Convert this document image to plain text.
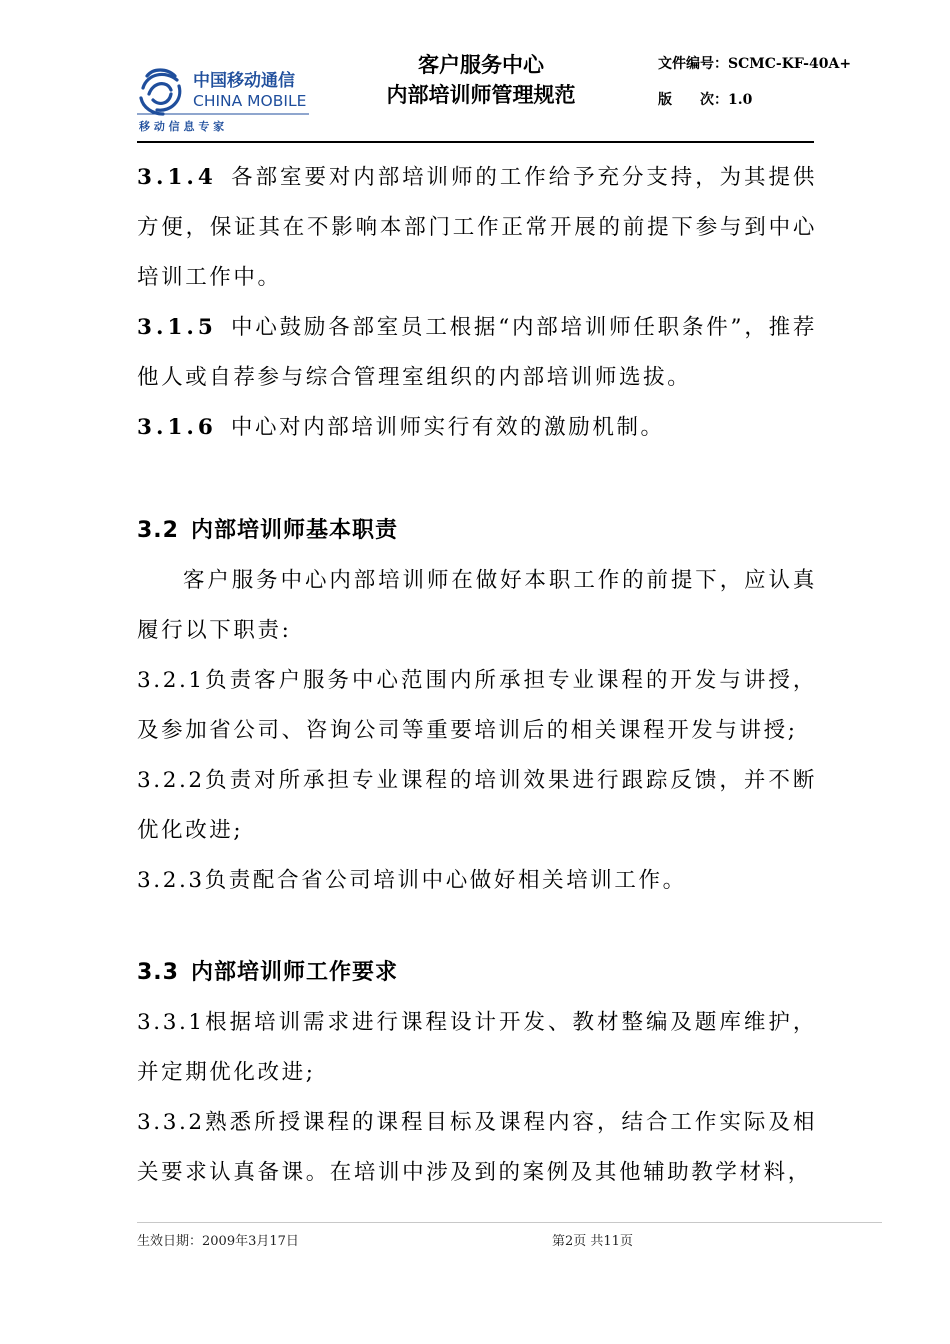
中国移动通信
CHINA MOBILE
移 动 信 息 专 家
客户服务中心
内部培训师管理规范
文件编号：SCMC-KF-40A+
版 次：1.0

3.1.4 各部室要对内部培训师的工作给予充分支持，为其提供方便，保证其在不影响本部门工作正常开展的前提下参与到中心培训工作中。

3.1.5 中心鼓励各部室员工根据“内部培训师任职条件”，推荐他人或自荐参与综合管理室组织的内部培训师选拔。

3.1.6 中心对内部培训师实行有效的激励机制。

3.2 内部培训师基本职责

客户服务中心内部培训师在做好本职工作的前提下，应认真履行以下职责:

3.2.1负责客户服务中心范围内所承担专业课程的开发与讲授，及参加省公司、咨询公司等重要培训后的相关课程开发与讲授;

3.2.2负责对所承担专业课程的培训效果进行跟踪反馈，并不断优化改进;

3.2.3负责配合省公司培训中心做好相关培训工作。

3.3 内部培训师工作要求

3.3.1根据培训需求进行课程设计开发、教材整编及题库维护，并定期优化改进;

3.3.2熟悉所授课程的课程目标及课程内容，结合工作实际及相关要求认真备课。在培训中涉及到的案例及其他辅助教学材料，

生效日期：2009年3月17日	第2页 共11页
